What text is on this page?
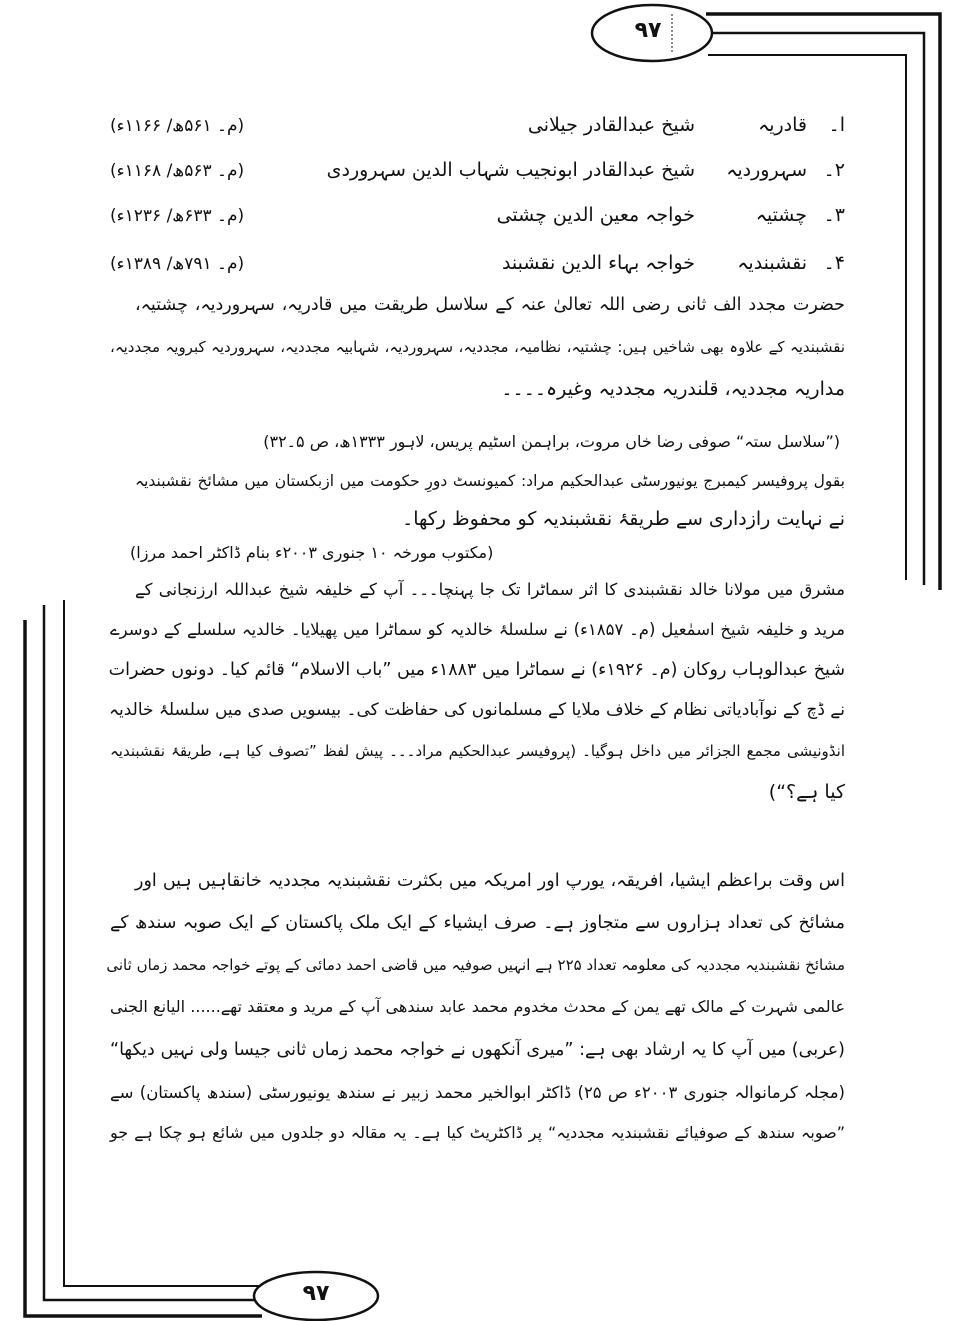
۹۷
۹۷
ا۔
قادریہ
شیخ عبدالقادر جیلانی
(م۔ ۵۶۱ھ/ ۱۱۶۶ء)
۲۔
سہروردیہ
شیخ عبدالقادر ابونجیب شہاب الدین سہروردی
(م۔ ۵۶۳ھ/ ۱۱۶۸ء)
۳۔
چشتیہ
خواجہ معین الدین چشتی
(م۔ ۶۳۳ھ/ ۱۲۳۶ء)
۴۔
نقشبندیہ
خواجہ بہاء الدین نقشبند
(م۔ ۷۹۱ھ/ ۱۳۸۹ء)
حضرت مجدد الف ثانی رضی اللہ تعالیٰ عنہ کے سلاسل طریقت میں قادریہ، سہروردیہ، چشتیہ،
نقشبندیہ کے علاوہ بھی شاخیں ہیں: چشتیہ، نظامیہ، مجددیہ، سہروردیہ، شہابیہ مجددیہ، سہروردیہ کبرویہ مجددیہ،
مداریہ مجددیہ، قلندریہ مجددیہ وغیرہ۔۔۔۔
(”سلاسل ستہ“ صوفی رضا خاں مروت، براہمن اسٹیم پریس، لاہور ۱۳۳۳ھ، ص ۵۔۳۲)
بقول پروفیسر کیمبرج یونیورسٹی عبدالحکیم مراد: کمیونسٹ دورِ حکومت میں ازبکستان میں مشائخ نقشبندیہ
نے نہایت رازداری سے طریقۂ نقشبندیہ کو محفوظ رکھا۔
(مکتوب مورخہ ۱۰ جنوری ۲۰۰۳ء بنام ڈاکٹر احمد مرزا)
مشرق میں مولانا خالد نقشبندی کا اثر سماٹرا تک جا پہنچا۔۔۔ آپ کے خلیفہ شیخ عبداللہ ارزنجانی کے
مرید و خلیفہ شیخ اسمٰعیل (م۔ ۱۸۵۷ء) نے سلسلۂ خالدیہ کو سماٹرا میں پھیلایا۔ خالدیہ سلسلے کے دوسرے
شیخ عبدالوہاب روکان (م۔ ۱۹۲۶ء) نے سماٹرا میں ۱۸۸۳ء میں ”باب الاسلام“ قائم کیا۔ دونوں حضرات
نے ڈچ کے نوآبادیاتی نظام کے خلاف ملایا کے مسلمانوں کی حفاظت کی۔ بیسویں صدی میں سلسلۂ خالدیہ
انڈونیشی مجمع الجزائر میں داخل ہوگیا۔ (پروفیسر عبدالحکیم مراد۔۔۔ پیش لفظ ”تصوف کیا ہے، طریقۂ نقشبندیہ
کیا ہے؟“)
اس وقت براعظم ایشیا، افریقہ، یورپ اور امریکہ میں بکثرت نقشبندیہ مجددیہ خانقاہیں ہیں اور
مشائخ کی تعداد ہزاروں سے متجاوز ہے۔ صرف ایشیاء کے ایک ملک پاکستان کے ایک صوبہ سندھ کے
مشائخ نقشبندیہ مجددیہ کی معلومہ تعداد ۲۲۵ ہے انہیں صوفیہ میں قاضی احمد دمائی کے پوتے خواجہ محمد زماں ثانی
عالمی شہرت کے مالک تھے یمن کے محدث مخدوم محمد عابد سندھی آپ کے مرید و معتقد تھے...... الیانع الجنی
(عربی) میں آپ کا یہ ارشاد بھی ہے: ”میری آنکھوں نے خواجہ محمد زماں ثانی جیسا ولی نہیں دیکھا“
(مجلہ کرمانوالہ جنوری ۲۰۰۳ء ص ۲۵) ڈاکٹر ابوالخیر محمد زبیر نے سندھ یونیورسٹی (سندھ پاکستان) سے
”صوبہ سندھ کے صوفیائے نقشبندیہ مجددیہ“ پر ڈاکٹریٹ کیا ہے۔ یہ مقالہ دو جلدوں میں شائع ہو چکا ہے جو
